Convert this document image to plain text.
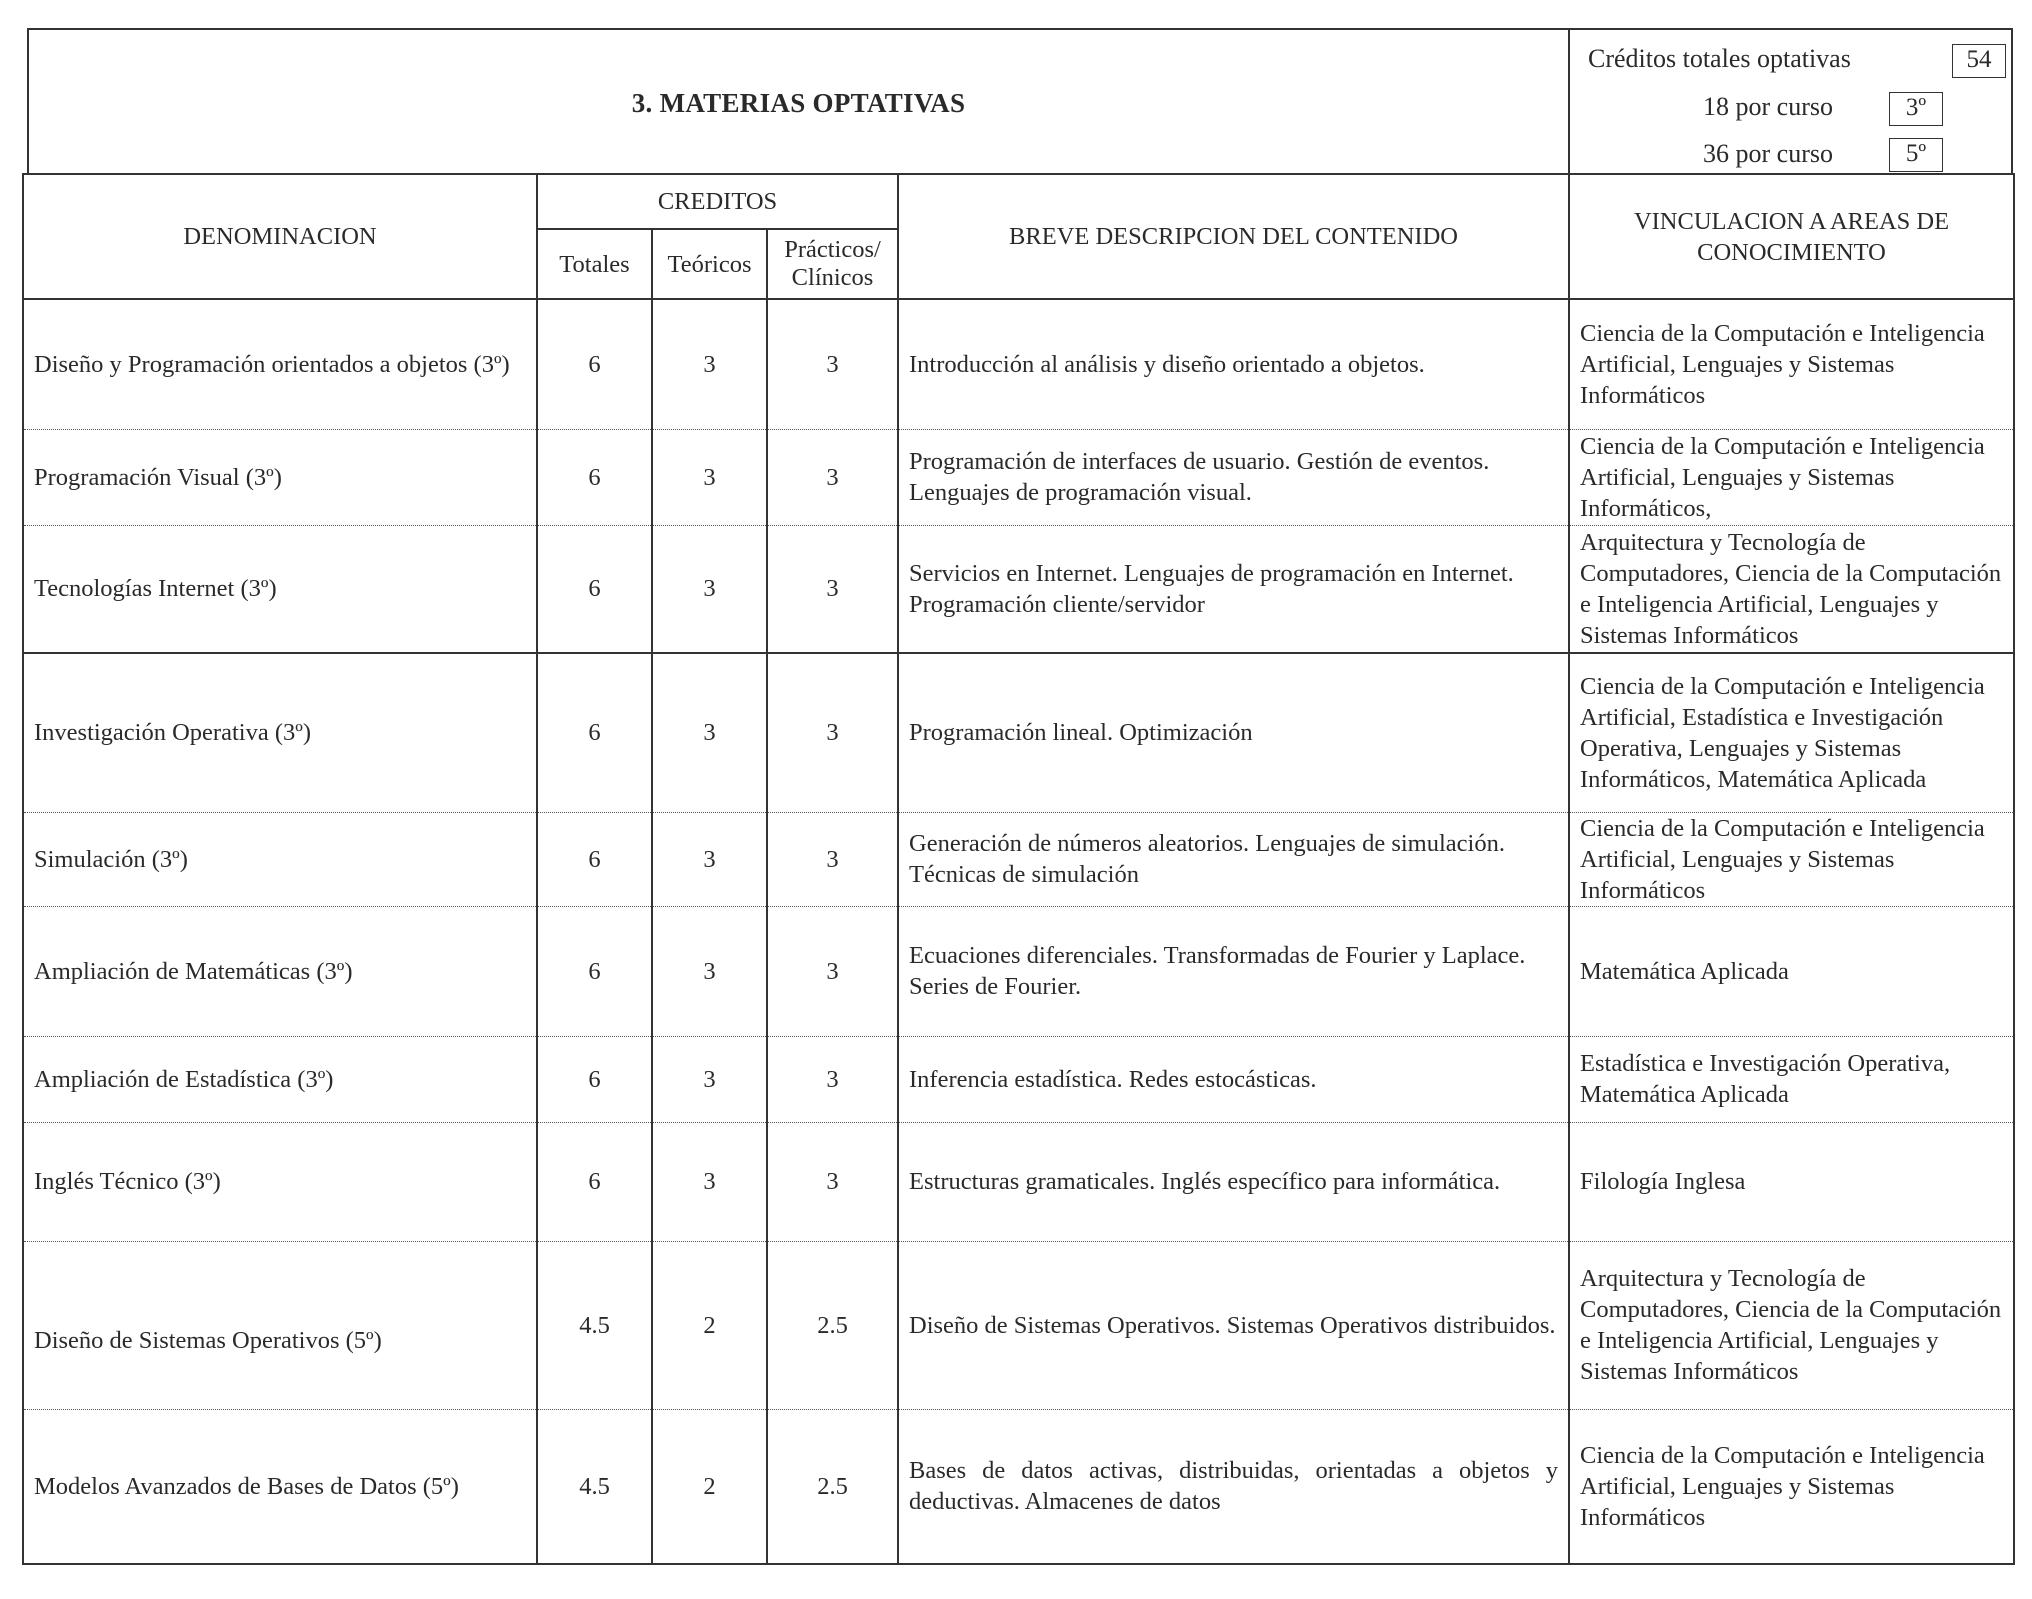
3. MATERIAS OPTATIVAS
Créditos totales optativas	54
18 por curso	3º
36 por curso	5º
DENOMINACION	CREDITOS			BREVE DESCRIPCION DEL CONTENIDO	VINCULACION A AREAS DE
CONOCIMIENTO

	Totales	Teóricos	Prácticos/
Clínicos		

Diseño y Programación orientados a objetos (3º)	6	3	3	Introducción al análisis y diseño orientado a objetos.	Ciencia de la Computación e Inteligencia Artificial, Lenguajes y Sistemas Informáticos
Programación Visual (3º)	6	3	3	Programación de interfaces de usuario. Gestión de eventos. Lenguajes de programación visual.	Ciencia de la Computación e Inteligencia Artificial, Lenguajes y Sistemas Informáticos,
Tecnologías Internet (3º)	6	3	3	Servicios en Internet. Lenguajes de programación en Internet. Programación cliente/servidor	Arquitectura y Tecnología de Computadores, Ciencia de la Computación e Inteligencia Artificial, Lenguajes y Sistemas Informáticos
Investigación Operativa (3º)	6	3	3	Programación lineal. Optimización	Ciencia de la Computación e Inteligencia Artificial, Estadística e Investigación Operativa, Lenguajes y Sistemas Informáticos, Matemática Aplicada
Simulación (3º)	6	3	3	Generación de números aleatorios. Lenguajes de simulación. Técnicas de simulación	Ciencia de la Computación e Inteligencia Artificial, Lenguajes y Sistemas Informáticos
Ampliación de Matemáticas (3º)	6	3	3	Ecuaciones diferenciales. Transformadas de Fourier y Laplace. Series de Fourier.	Matemática Aplicada
Ampliación de Estadística (3º)	6	3	3	Inferencia estadística. Redes estocásticas.	Estadística e Investigación Operativa, Matemática Aplicada
Inglés Técnico (3º)	6	3	3	Estructuras gramaticales. Inglés específico para informática.	Filología Inglesa
Diseño de Sistemas Operativos (5º)	4.5	2	2.5	Diseño de Sistemas Operativos. Sistemas Operativos distribuidos.	Arquitectura y Tecnología de Computadores, Ciencia de la Computación e Inteligencia Artificial, Lenguajes y Sistemas Informáticos
Modelos Avanzados de Bases de Datos (5º)	4.5	2	2.5	Bases de datos activas, distribuidas, orientadas a objetos y deductivas. Almacenes de datos	Ciencia de la Computación e Inteligencia Artificial, Lenguajes y Sistemas Informáticos
